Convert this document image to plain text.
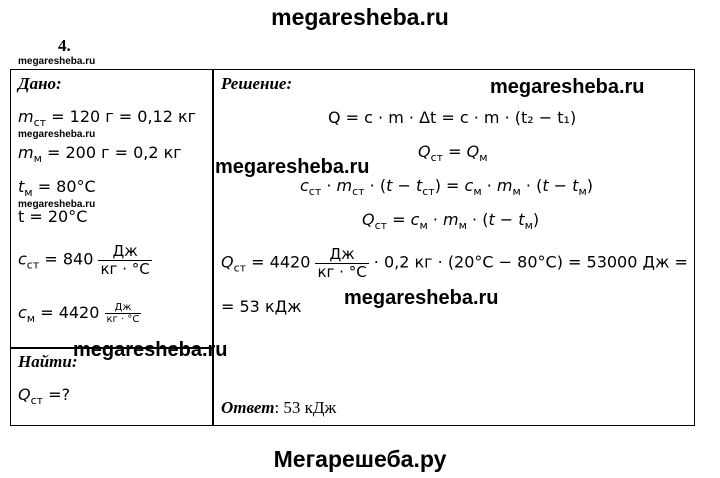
megaresheba.ru
4.
megaresheba.ru
Дано:
$m_{ст} = 120$ г = 0,12 кг
megaresheba.ru
$m_м = 200$ г = 0,2 кг
$t_м = 80^\circ С$
megaresheba.ru
t = 20°С
$c_{ст} = 840 \frac{Дж}{кг \cdot ^\circ С}$
$c_м = 4420 \frac{Дж}{кг \cdot ^\circ С}$
Найти:
$Q_{ст}$ =?
Решение:
Q = c · m · Δt = c · m · (t₂ − t₁)
$Q_{ст} = Q_м$
$c_{ст} \cdot m_{ст} \cdot (t - t_{ст}) = c_м \cdot m_м \cdot (t - t_м)$
$Q_{ст} = c_м \cdot m_м \cdot (t - t_м)$
$Q_{ст} = 4420 \frac{Дж}{кг \cdot ^\circ С} \cdot 0,2$ кг · (20°С − 80°С) = 53000 Дж =
= 53 кДж
Ответ: 53 кДж
megaresheba.ru
megaresheba.ru
megaresheba.ru
megaresheba.ru
Мегарешеба.ру
